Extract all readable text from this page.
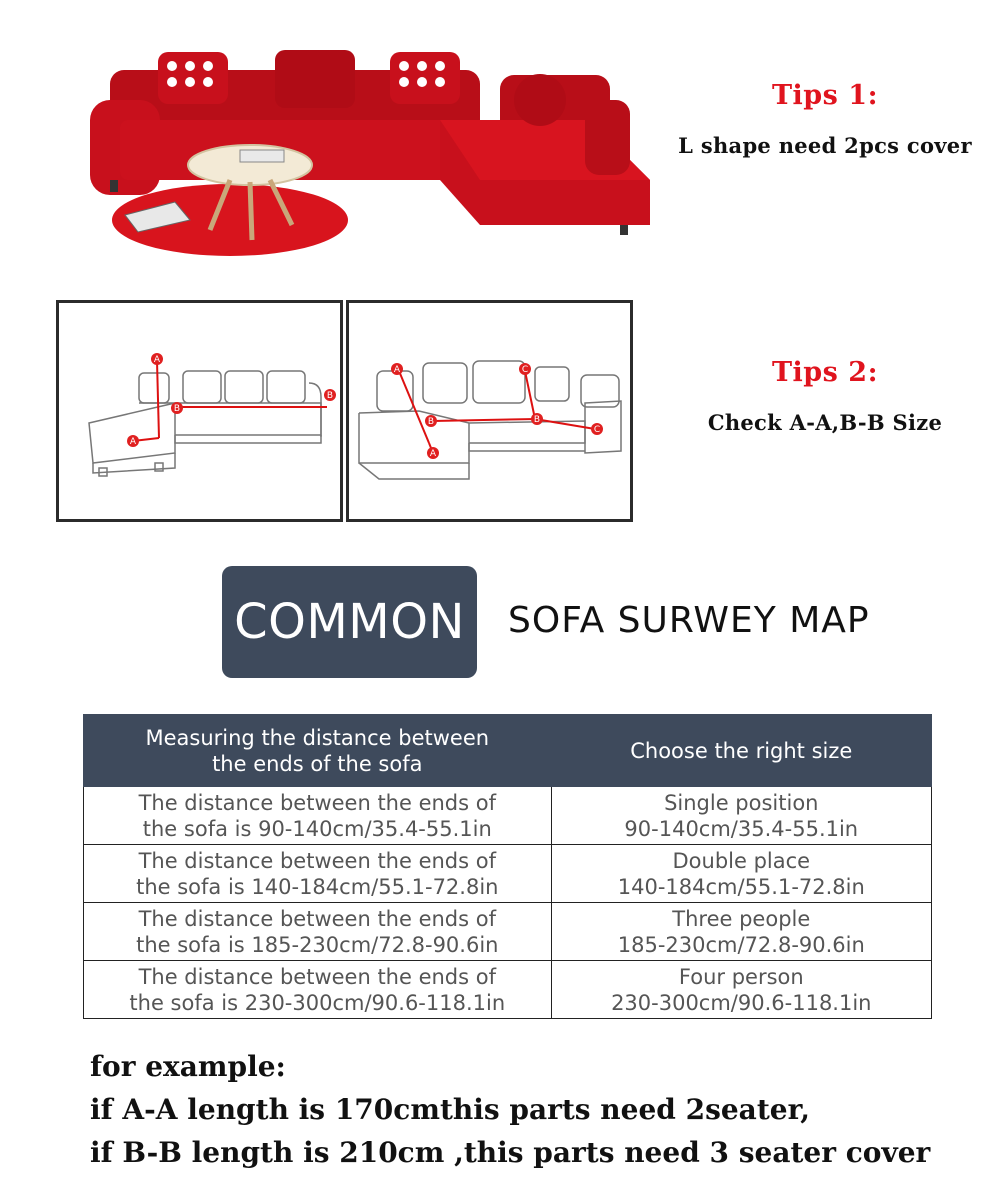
Tips 1:
L shape need 2pcs cover
Tips 2:
Check A-A,B-B Size
A
A
B
B
A
A
B	B
C
C
COMMON	SOFA SURWEY MAP
Measuring the distance between
the ends of the sofa	Choose the right size

The distance between the ends of
the sofa is 90-140cm/35.4-55.1in	Single position
90-140cm/35.4-55.1in

The distance between the ends of
the sofa is 140-184cm/55.1-72.8in	Double place
140-184cm/55.1-72.8in

The distance between the ends of
the sofa is 185-230cm/72.8-90.6in	Three people
185-230cm/72.8-90.6in

The distance between the ends of
the sofa is 230-300cm/90.6-118.1in	Four person
230-300cm/90.6-118.1in
for example:
if A-A length is 170cmthis parts need 2seater,
if B-B length is 210cm ,this parts need 3 seater cover
